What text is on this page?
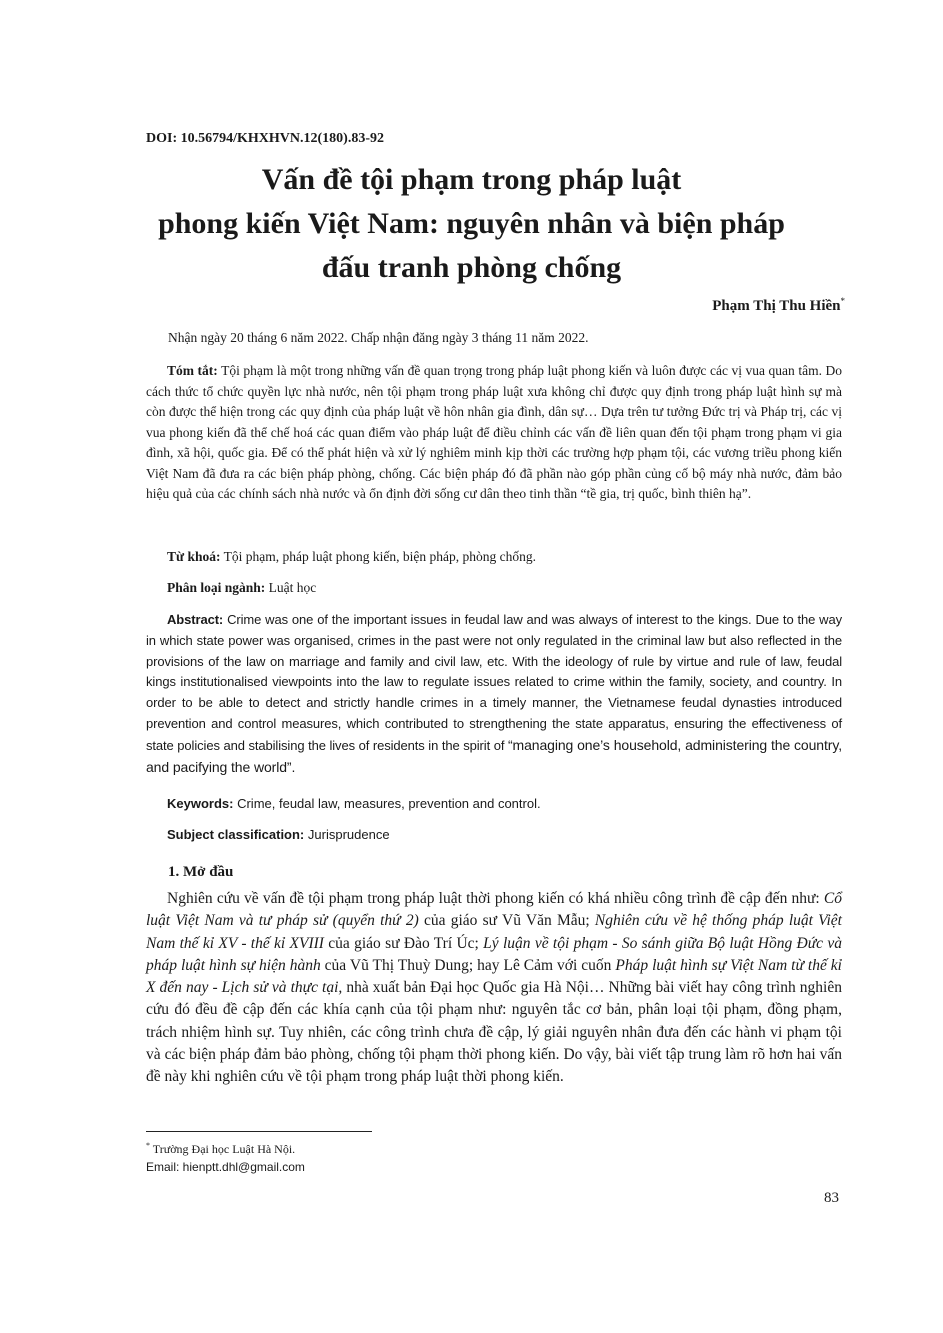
DOI: 10.56794/KHXHVN.12(180).83-92
Vấn đề tội phạm trong pháp luật
phong kiến Việt Nam: nguyên nhân và biện pháp
đấu tranh phòng chống
Phạm Thị Thu Hiền*
Nhận ngày 20 tháng 6 năm 2022. Chấp nhận đăng ngày 3 tháng 11 năm 2022.
Tóm tắt: Tội phạm là một trong những vấn đề quan trọng trong pháp luật phong kiến và luôn được các vị vua quan tâm. Do cách thức tổ chức quyền lực nhà nước, nên tội phạm trong pháp luật xưa không chỉ được quy định trong pháp luật hình sự mà còn được thể hiện trong các quy định của pháp luật về hôn nhân gia đình, dân sự… Dựa trên tư tưởng Đức trị và Pháp trị, các vị vua phong kiến đã thể chế hoá các quan điểm vào pháp luật để điều chỉnh các vấn đề liên quan đến tội phạm trong phạm vi gia đình, xã hội, quốc gia. Để có thể phát hiện và xử lý nghiêm minh kịp thời các trường hợp phạm tội, các vương triều phong kiến Việt Nam đã đưa ra các biện pháp phòng, chống. Các biện pháp đó đã phần nào góp phần củng cố bộ máy nhà nước, đảm bảo hiệu quả của các chính sách nhà nước và ổn định đời sống cư dân theo tinh thần “tề gia, trị quốc, bình thiên hạ”.
Từ khoá: Tội phạm, pháp luật phong kiến, biện pháp, phòng chống.
Phân loại ngành: Luật học
Abstract: Crime was one of the important issues in feudal law and was always of interest to the kings. Due to the way in which state power was organised, crimes in the past were not only regulated in the criminal law but also reflected in the provisions of the law on marriage and family and civil law, etc. With the ideology of rule by virtue and rule of law, feudal kings institutionalised viewpoints into the law to regulate issues related to crime within the family, society, and country. In order to be able to detect and strictly handle crimes in a timely manner, the Vietnamese feudal dynasties introduced prevention and control measures, which contributed to strengthening the state apparatus, ensuring the effectiveness of state policies and stabilising the lives of residents in the spirit of “managing one’s household, administering the country, and pacifying the world”.
Keywords: Crime, feudal law, measures, prevention and control.
Subject classification: Jurisprudence
1. Mở đầu
Nghiên cứu về vấn đề tội phạm trong pháp luật thời phong kiến có khá nhiều công trình đề cập đến như: Cổ luật Việt Nam và tư pháp sử (quyển thứ 2) của giáo sư Vũ Văn Mẫu; Nghiên cứu về hệ thống pháp luật Việt Nam thế kỉ XV - thế kỉ XVIII của giáo sư Đào Trí Úc; Lý luận về tội phạm - So sánh giữa Bộ luật Hồng Đức và pháp luật hình sự hiện hành của Vũ Thị Thuỳ Dung; hay Lê Cảm với cuốn Pháp luật hình sự Việt Nam từ thế kỉ X đến nay - Lịch sử và thực tại, nhà xuất bản Đại học Quốc gia Hà Nội… Những bài viết hay công trình nghiên cứu đó đều đề cập đến các khía cạnh của tội phạm như: nguyên tắc cơ bản, phân loại tội phạm, đồng phạm, trách nhiệm hình sự. Tuy nhiên, các công trình chưa đề cập, lý giải nguyên nhân đưa đến các hành vi phạm tội và các biện pháp đảm bảo phòng, chống tội phạm thời phong kiến. Do vậy, bài viết tập trung làm rõ hơn hai vấn đề này khi nghiên cứu về tội phạm trong pháp luật thời phong kiến.
* Trường Đại học Luật Hà Nội.
Email: hienptt.dhl@gmail.com
83
